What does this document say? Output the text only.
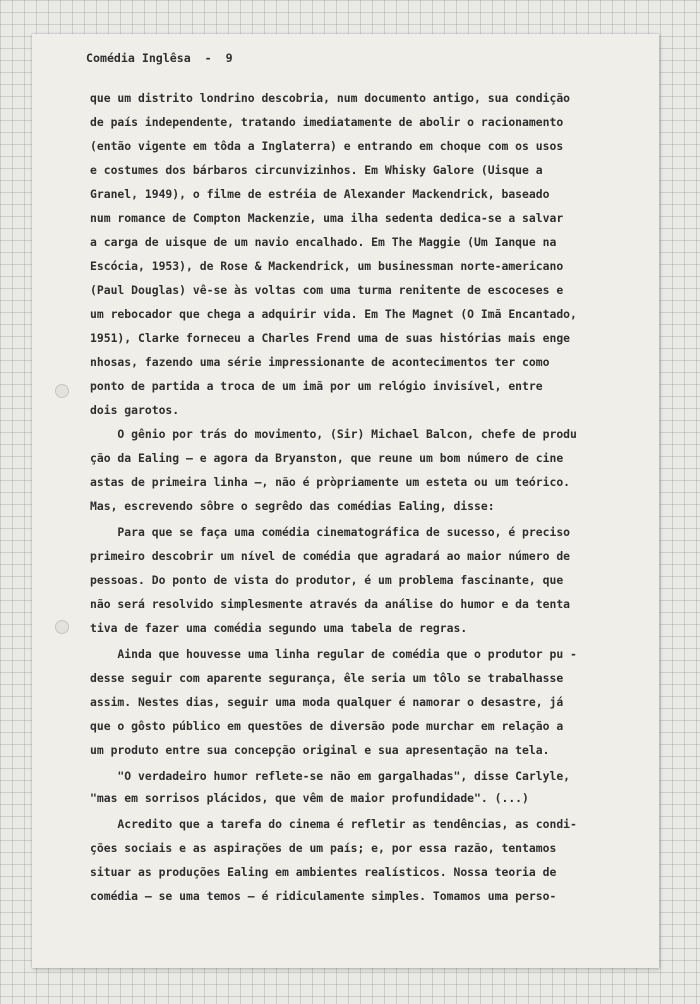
Comédia Inglêsa  -  9
que um distrito londrino descobria, num documento antigo, sua condição
de país independente, tratando imediatamente de abolir o racionamento
(então vigente em tôda a Inglaterra) e entrando em choque com os usos
e costumes dos bárbaros circunvizinhos. Em Whisky Galore (Uisque a
Granel, 1949), o filme de estréia de Alexander Mackendrick, baseado
num romance de Compton Mackenzie, uma ilha sedenta dedica-se a salvar
a carga de uisque de um navio encalhado. Em The Maggie (Um Ianque na
Escócia, 1953), de Rose & Mackendrick, um businessman norte-americano
(Paul Douglas) vê-se às voltas com uma turma renitente de escoceses e
um rebocador que chega a adquirir vida. Em The Magnet (O Imã Encantado,
1951), Clarke forneceu a Charles Frend uma de suas histórias mais enge
nhosas, fazendo uma série impressionante de acontecimentos ter como
ponto de partida a troca de um imã por um relógio invisível, entre
dois garotos.
O gênio por trás do movimento, (Sir) Michael Balcon, chefe de produ
ção da Ealing — e agora da Bryanston, que reune um bom número de cine
astas de primeira linha —, não é pròpriamente um esteta ou um teórico.
Mas, escrevendo sôbre o segrêdo das comédias Ealing, disse:
Para que se faça uma comédia cinematográfica de sucesso, é preciso
primeiro descobrir um nível de comédia que agradará ao maior número de
pessoas. Do ponto de vista do produtor, é um problema fascinante, que
não será resolvido simplesmente através da análise do humor e da tenta
tiva de fazer uma comédia segundo uma tabela de regras.
Ainda que houvesse uma linha regular de comédia que o produtor pu -
desse seguir com aparente segurança, êle seria um tôlo se trabalhasse
assim. Nestes dias, seguir uma moda qualquer é namorar o desastre, já
que o gôsto público em questões de diversão pode murchar em relação a
um produto entre sua concepção original e sua apresentação na tela.
"O verdadeiro humor reflete-se não em gargalhadas", disse Carlyle,
"mas em sorrisos plácidos, que vêm de maior profundidade". (...)
Acredito que a tarefa do cinema é refletir as tendências, as condi-
ções sociais e as aspirações de um país; e, por essa razão, tentamos
situar as produções Ealing em ambientes realísticos. Nossa teoria de
comédia — se uma temos — é ridiculamente simples. Tomamos uma perso-
